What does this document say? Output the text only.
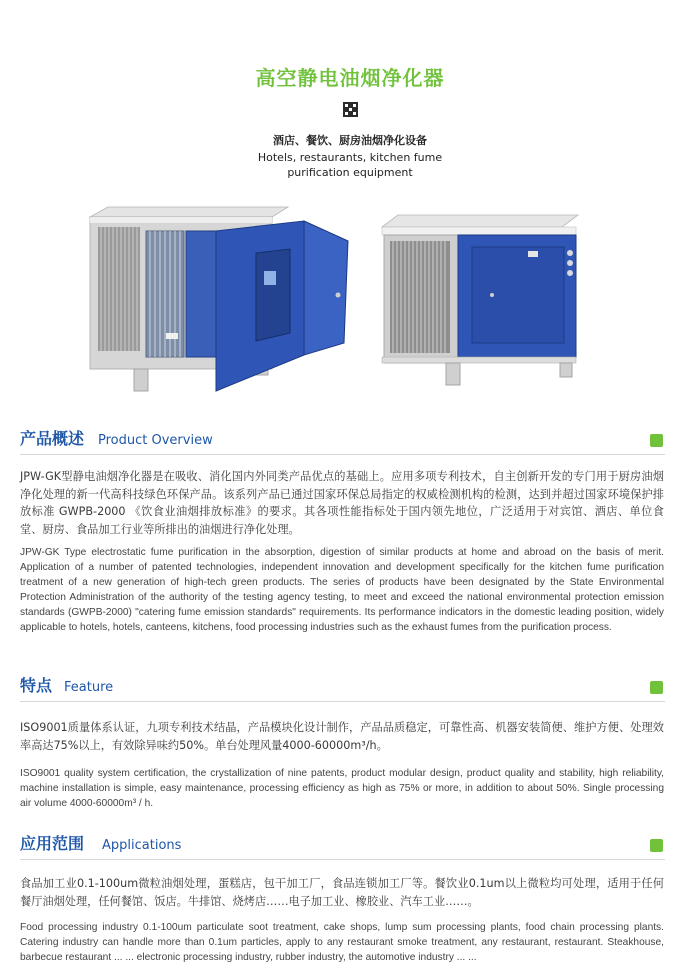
高空静电油烟净化器
酒店、餐饮、厨房油烟净化设备
Hotels, restaurants, kitchen fume
purification equipment
产品概述 Product Overview
JPW-GK型静电油烟净化器是在吸收、消化国内外同类产品优点的基础上。应用多项专利技术，自主创新开发的专门用于厨房油烟净化处理的新一代高科技绿色环保产品。该系列产品已通过国家环保总局指定的权威检测机构的检测，达到并超过国家环境保护排放标准 GWPB-2000 《饮食业油烟排放标准》的要求。其各项性能指标处于国内领先地位，广泛适用于对宾馆、酒店、单位食堂、厨房、食品加工行业等所排出的油烟进行净化处理。
JPW-GK Type electrostatic fume purification in the absorption, digestion of similar products at home and abroad on the basis of merit. Application of a number of patented technologies, independent innovation and development specifically for the kitchen fume purification treatment of a new generation of high-tech green products. The series of products have been designated by the State Environmental Protection Administration of the authority of the testing agency testing, to meet and exceed the national environmental protection emission standards (GWPB-2000) "catering fume emission standards" requirements. Its performance indicators in the domestic leading position, widely applicable to hotels, hotels, canteens, kitchens, food processing industries such as the exhaust fumes from the purification process.
特点 Feature
ISO9001质量体系认证，九项专利技术结晶，产品模块化设计制作，产品品质稳定，可靠性高、机器安装简便、维护方便、处理效率高达75%以上，有效除异味约50%。单台处理风量4000-60000m³/h。
ISO9001 quality system certification, the crystallization of nine patents, product modular design, product quality and stability, high reliability, machine installation is simple, easy maintenance, processing efficiency as high as 75% or more, in addition to about 50%. Single processing air volume 4000-60000m³ / h.
应用范围 Applications
食品加工业0.1-100um微粒油烟处理，蛋糕店，包干加工厂，食品连锁加工厂等。餐饮业0.1um以上微粒均可处理，适用于任何餐厅油烟处理，任何餐馆、饭店。牛排馆、烧烤店……电子加工业、橡胶业、汽车工业……。
Food processing industry 0.1-100um particulate soot treatment, cake shops, lump sum processing plants, food chain processing plants. Catering industry can handle more than 0.1um particles, apply to any restaurant smoke treatment, any restaurant, restaurant. Steakhouse, barbecue restaurant ... ... electronic processing industry, rubber industry, the automotive industry ... ...
